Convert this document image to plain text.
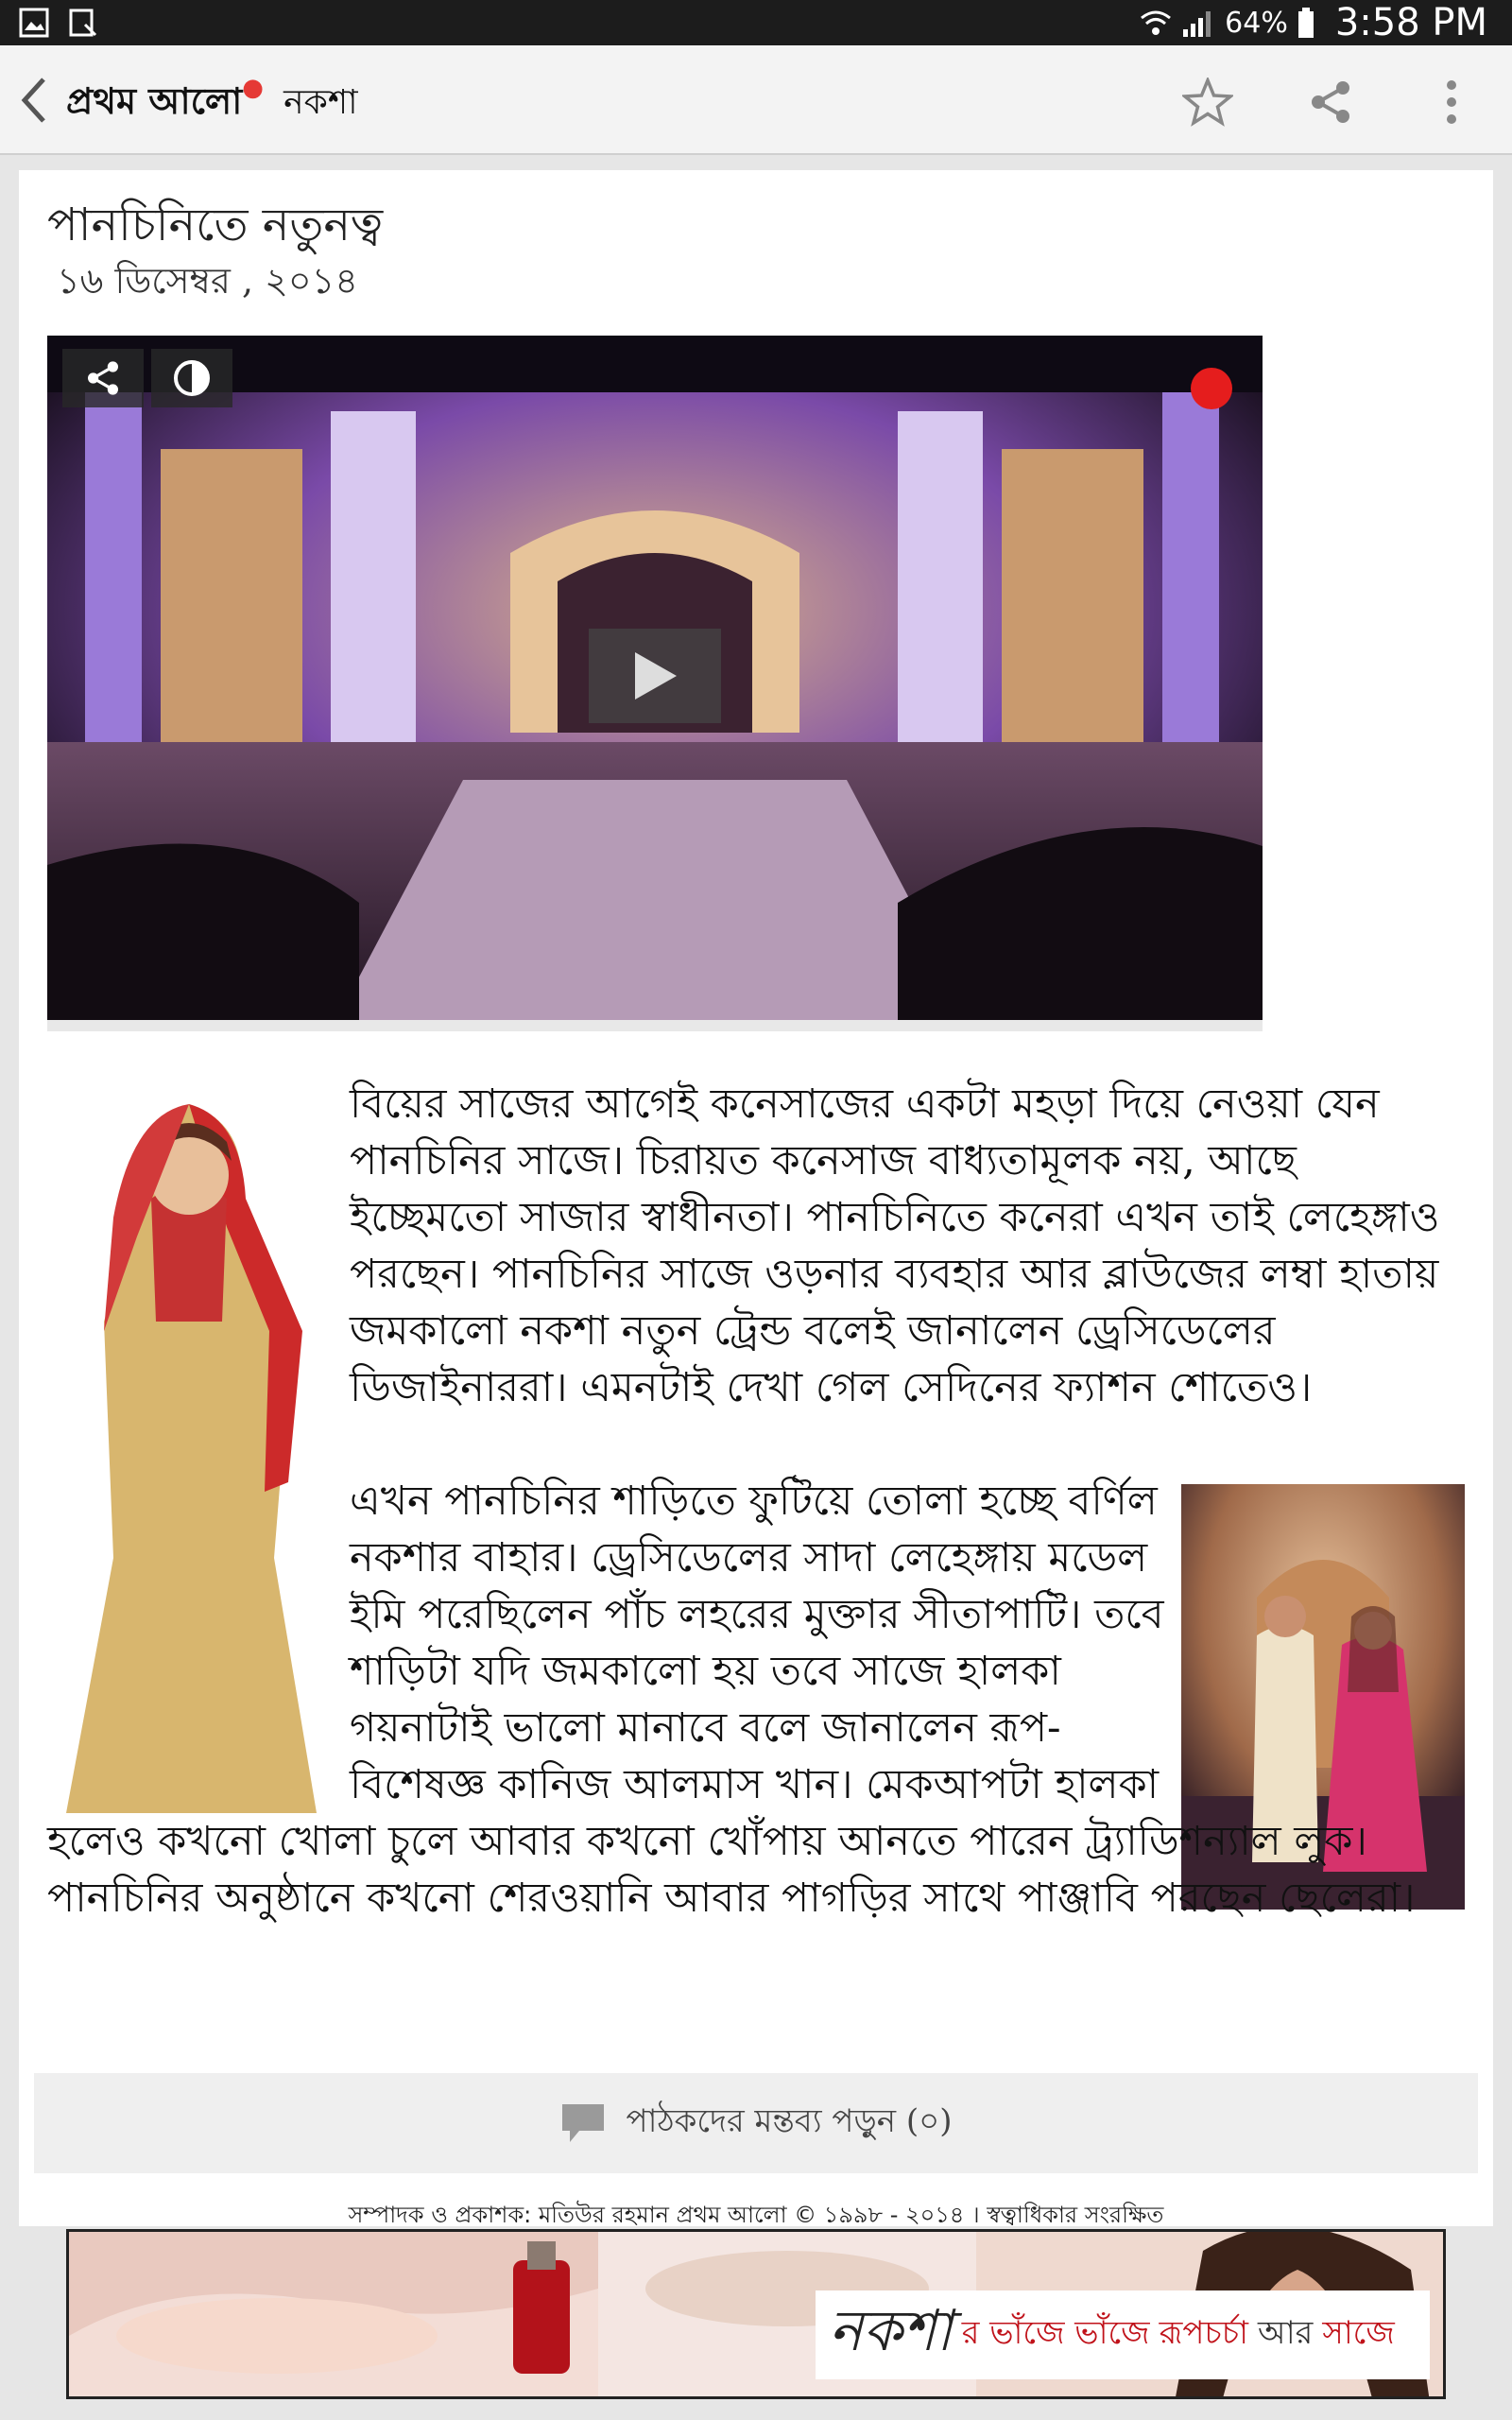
64% 3:58 PM
প্রথম আলো● নকশা
পানচিনিতে নতুনত্ব
১৬ ডিসেম্বর , ২০১৪
বিয়ের সাজের আগেই কনেসাজের একটা মহড়া দিয়ে নেওয়া যেন পানচিনির সাজে। চিরায়ত কনেসাজ বাধ্যতামূলক নয়, আছে ইচ্ছেমতো সাজার স্বাধীনতা। পানচিনিতে কনেরা এখন তাই লেহেঙ্গাও পরছেন। পানচিনির সাজে ওড়নার ব্যবহার আর ব্লাউজের লম্বা হাতায় জমকালো নকশা নতুন ট্রেন্ড বলেই জানালেন ড্রেসিডেলের ডিজাইনাররা। এমনটাই দেখা গেল সেদিনের ফ্যাশন শোতেও।
এখন পানচিনির শাড়িতে ফুটিয়ে তোলা হচ্ছে বর্ণিল নকশার বাহার। ড্রেসিডেলের সাদা লেহেঙ্গায় মডেল ইমি পরেছিলেন পাঁচ লহরের মুক্তার সীতাপাটি। তবে শাড়িটা যদি জমকালো হয় তবে সাজে হালকা গয়নাটাই ভালো মানাবে বলে জানালেন রূপ-বিশেষজ্ঞ কানিজ আলমাস খান। মেকআপটা হালকা
হলেও কখনো খোলা চুলে আবার কখনো খোঁপায় আনতে পারেন ট্র্যাডিশন্যাল লুক। পানচিনির অনুষ্ঠানে কখনো শেরওয়ানি আবার পাগড়ির সাথে পাঞ্জাবি পরছেন ছেলেরা।
পাঠকদের মন্তব্য পড়ুন (০)
সম্পাদক ও প্রকাশক: মতিউর রহমান প্রথম আলো © ১৯৯৮ - ২০১৪ । স্বত্বাধিকার সংরক্ষিত
নকশা র ভাঁজে ভাঁজে রূপচর্চা আর সাজে
